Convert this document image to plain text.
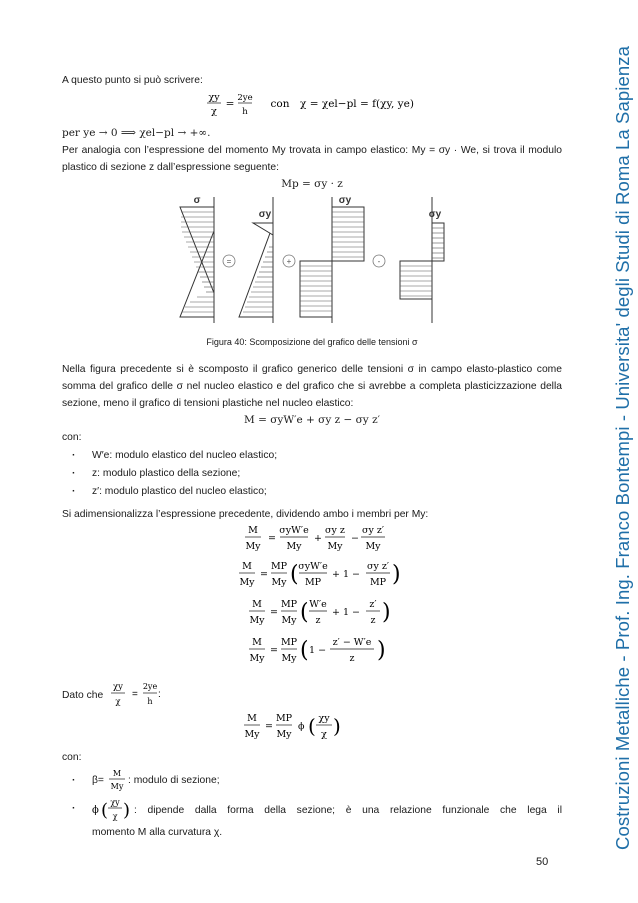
Costruzioni Metalliche - Prof. Ing. Franco Bontempi - Universita' degli Studi di Roma La Sapienza

A questo punto si può scrivere:

χy
χ
= 2ye
h
con χ = χel−pl = f(χy, ye)

per ye → 0 ⟹ χel−pl → +∞.

Per analogia con l’espressione del momento My trovata in campo elastico: My = σy · We, si trova il modulo plastico di sezione z dall’espressione seguente:

Mp = σy · z
σ
=
σy
+
σy
-
σy
Figura 40: Scomposizione del grafico delle tensioni σ

Nella figura precedente si è scomposto il grafico generico delle tensioni σ in campo elasto-plastico come somma del grafico delle σ nel nucleo elastico e del grafico che si avrebbe a completa plasticizzazione della sezione, meno il grafico di tensioni plastiche nel nucleo elastico:

M = σyW′e + σy z − σy z′

con:

· W′e: modulo elastico del nucleo elastico;
· z: modulo plastico della sezione;
· z′: modulo plastico del nucleo elastico;

Si adimensionalizza l’espressione precedente, dividendo ambo i membri per My:

M
My
=
σyW′e
My
+
σy z
My
−
σy z′
My
M
My
=
MP
My ( σyW′e
MP
+ 1 −
σy z′
MP )
M
My
=
MP
My ( W′e
z
+ 1 −
z′
z )
M
My
=
MP
My ( 1 −
z′ − W′e
z )
Dato che
χy
χ
=
2ye
h
:
M
My
=
MP
My
ϕ ( χy
χ )

con:

· β=
M
My
: modulo di sezione;
· ϕ ( χy
χ ) : dipende dalla forma della sezione; è una relazione funzionale che lega il

momento M alla curvatura χ.

50
